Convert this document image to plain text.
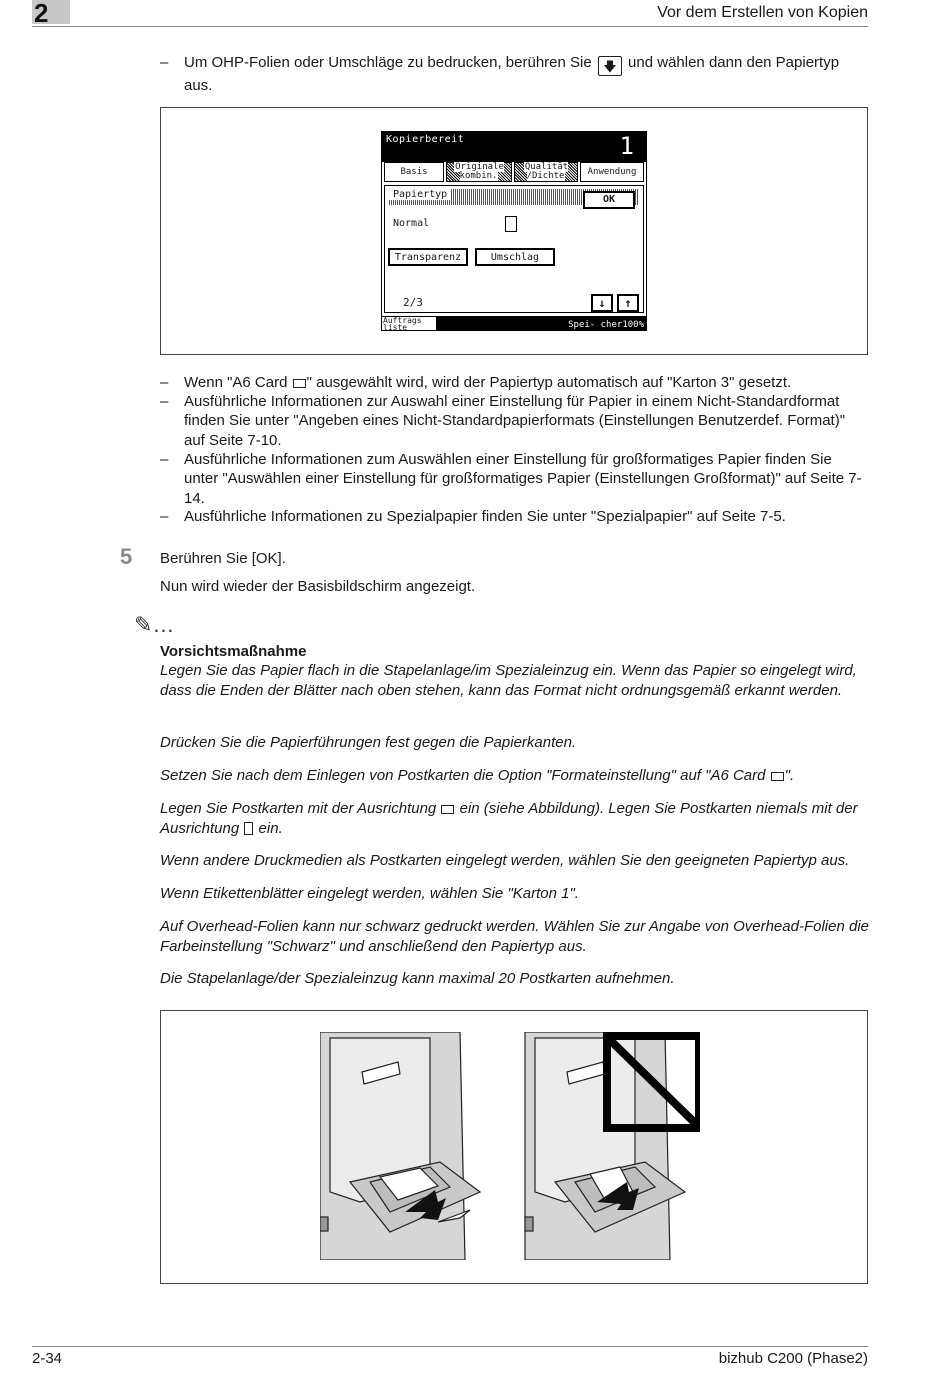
2	Vor dem Erstellen von Kopien
– Um OHP-Folien oder Umschläge zu bedrucken, berühren Sie 🡇 und wählen dann den Papiertyp aus.
Kopierbereit	1
Basis	Originale kombin.
Qualität /Dichte	Anwendung
Papiertyp	OK
Normal
Transparenz	Umschlag
2/3	↓	↑
Auftrags liste	Spei- cher100%
– Wenn "A6 Card " ausgewählt wird, wird der Papiertyp automatisch auf "Karton 3" gesetzt.
– Ausführliche Informationen zur Auswahl einer Einstellung für Papier in einem Nicht-Standardformat finden Sie unter "Angeben eines Nicht-Standardpapierformats (Einstellungen Benutzerdef. Format)" auf Seite 7-10.
– Ausführliche Informationen zum Auswählen einer Einstellung für großformatiges Papier finden Sie unter "Auswählen einer Einstellung für großformatiges Papier (Einstellungen Großformat)" auf Seite 7-14.
– Ausführliche Informationen zu Spezialpapier finden Sie unter "Spezialpapier" auf Seite 7-5.
5 Berühren Sie [OK].
Nun wird wieder der Basisbildschirm angezeigt.
✎…
Vorsichtsmaßnahme
Legen Sie das Papier flach in die Stapelanlage/im Spezialeinzug ein. Wenn das Papier so eingelegt wird, dass die Enden der Blätter nach oben stehen, kann das Format nicht ordnungsgemäß erkannt werden.
Drücken Sie die Papierführungen fest gegen die Papierkanten.
Setzen Sie nach dem Einlegen von Postkarten die Option "Formateinstellung" auf "A6 Card ".
Legen Sie Postkarten mit der Ausrichtung  ein (siehe Abbildung). Legen Sie Postkarten niemals mit der Ausrichtung  ein.
Wenn andere Druckmedien als Postkarten eingelegt werden, wählen Sie den geeigneten Papiertyp aus.
Wenn Etikettenblätter eingelegt werden, wählen Sie "Karton 1".
Auf Overhead-Folien kann nur schwarz gedruckt werden. Wählen Sie zur Angabe von Overhead-Folien die Farbeinstellung "Schwarz" und anschließend den Papiertyp aus.
Die Stapelanlage/der Spezialeinzug kann maximal 20 Postkarten aufnehmen.
2-34	bizhub C200 (Phase2)
